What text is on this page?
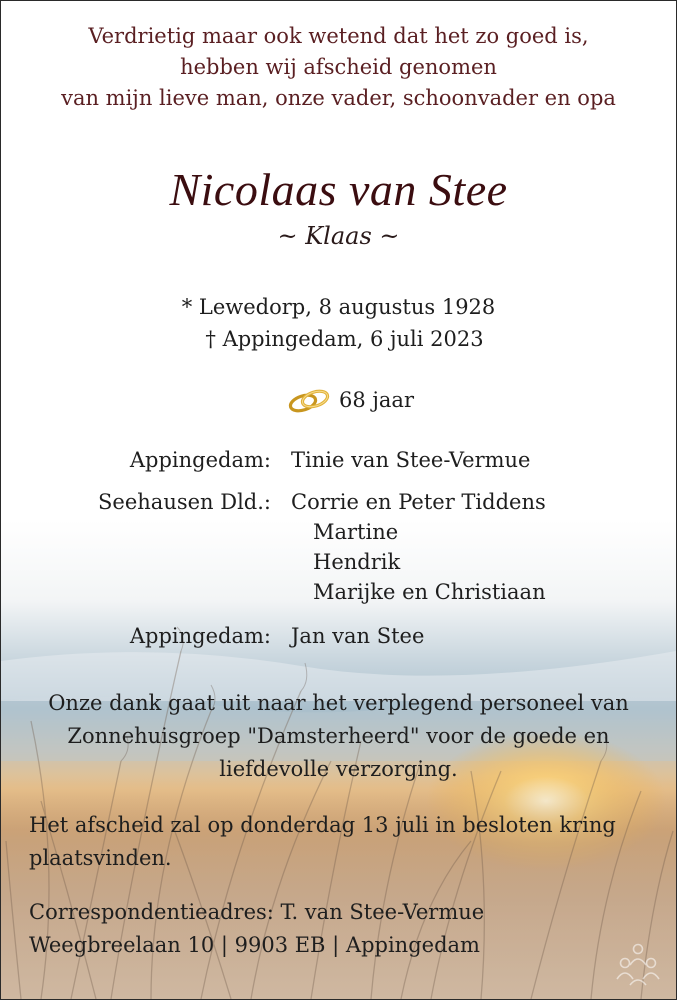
Verdrietig maar ook wetend dat het zo goed is,
hebben wij afscheid genomen
van mijn lieve man, onze vader, schoonvader en opa
Nicolaas van Stee
~ Klaas ~
* Lewedorp, 8 augustus 1928
† Appingedam, 6 juli 2023
68 jaar
Appingedam: Tinie van Stee-Vermue
Seehausen Dld.: Corrie en Peter Tiddens
Martine
Hendrik
Marijke en Christiaan
Appingedam: Jan van Stee
Onze dank gaat uit naar het verplegend personeel van
Zonnehuisgroep "Damsterheerd" voor de goede en
liefdevolle verzorging.
Het afscheid zal op donderdag 13 juli in besloten kring
plaatsvinden.
Correspondentieadres: T. van Stee-Vermue
Weegbreelaan 10 | 9903 EB | Appingedam
